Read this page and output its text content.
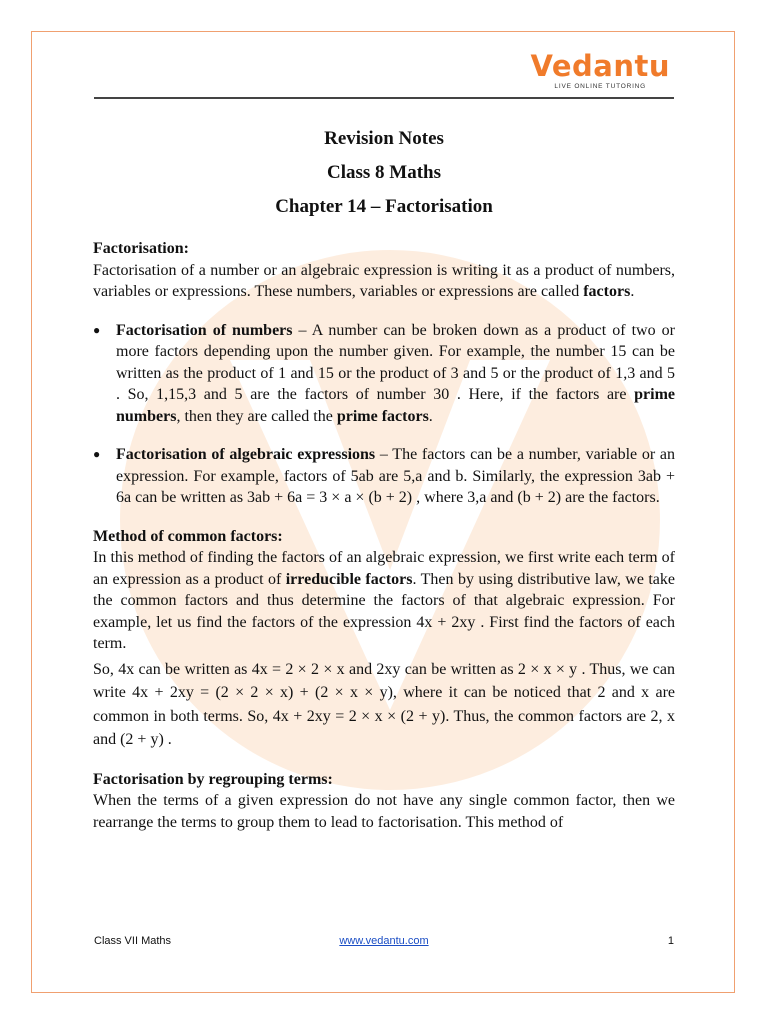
Vedantu
LIVE ONLINE TUTORING
Revision Notes
Class 8 Maths
Chapter 14 – Factorisation

Factorisation:

Factorisation of a number or an algebraic expression is writing it as a product of numbers, variables or expressions. These numbers, variables or expressions are called factors.

● Factorisation of numbers – A number can be broken down as a product of two or more factors depending upon the number given. For example, the number 15 can be written as the product of 1 and 15 or the product of 3 and 5 or the product of 1,3 and 5 . So, 1,15,3 and 5 are the factors of number 30 . Here, if the factors are prime numbers, then they are called the prime factors.
● Factorisation of algebraic expressions – The factors can be a number, variable or an expression. For example, factors of 5ab are 5,a and b. Similarly, the expression 3ab + 6a can be written as 3ab + 6a = 3 × a × (b + 2) , where 3,a and (b + 2) are the factors.

Method of common factors:

In this method of finding the factors of an algebraic expression, we first write each term of an expression as a product of irreducible factors. Then by using distributive law, we take the common factors and thus determine the factors of that algebraic expression. For example, let us find the factors of the expression 4x + 2xy . First find the factors of each term.

So, 4x can be written as 4x = 2 × 2 × x and 2xy can be written as 2 × x × y . Thus, we can write 4x + 2xy = (2 × 2 × x) + (2 × x × y), where it can be noticed that 2 and x are common in both terms. So, 4x + 2xy = 2 × x × (2 + y). Thus, the common factors are 2, x and (2 + y) .

Factorisation by regrouping terms:

When the terms of a given expression do not have any single common factor, then we rearrange the terms to group them to lead to factorisation. This method of

Class VII Maths	www.vedantu.com	1
